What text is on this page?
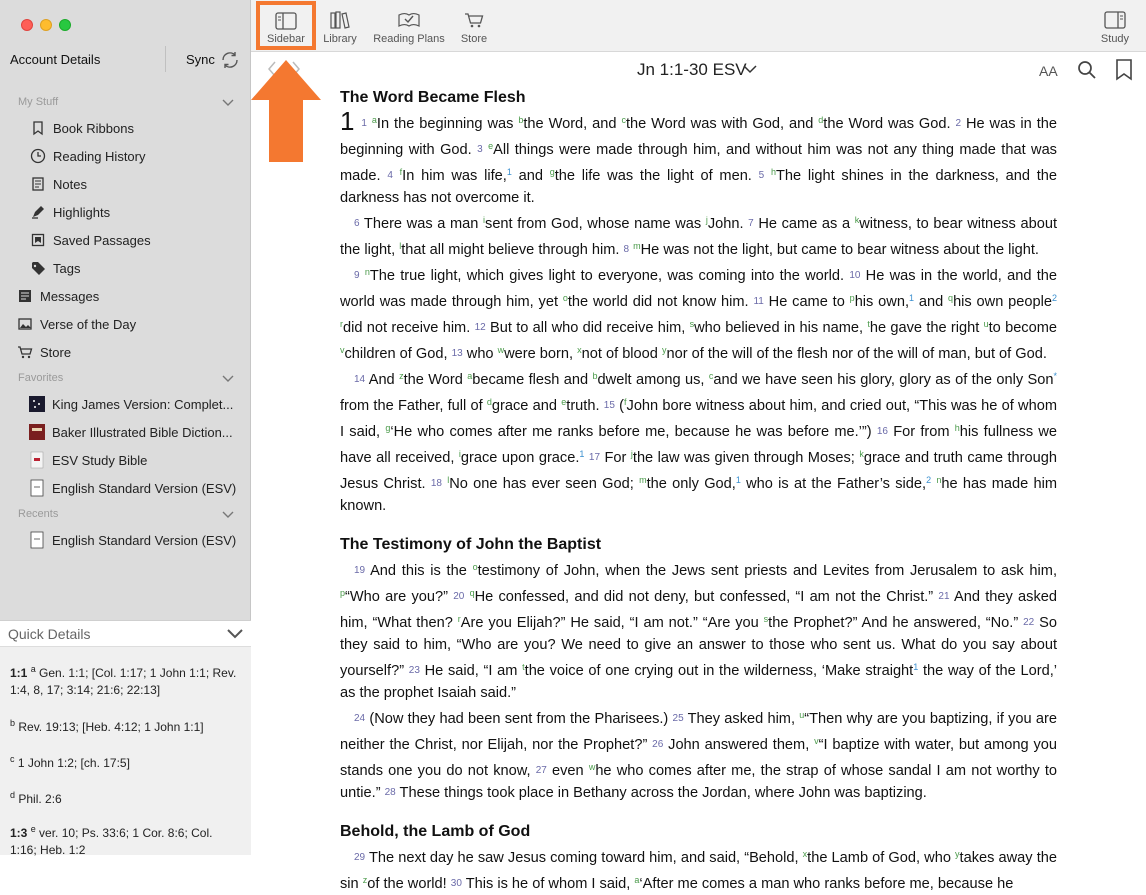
Account Details	Sync
My Stuff
Book Ribbons
Reading History
Notes
Highlights
Saved Passages
Tags
Messages
Verse of the Day
Store
Favorites
King James Version: Complet...
Baker Illustrated Bible Diction...
ESV Study Bible
English Standard Version (ESV)
Recents
English Standard Version (ESV)
Quick Details
1:1 $^a$ Gen. 1:1; [Col. 1:17; 1 John 1:1; Rev. 1:4, 8, 17; 3:14; 21:6; 22:13]
$^b$ Rev. 19:13; [Heb. 4:12; 1 John 1:1]
$^c$ 1 John 1:2; [ch. 17:5]
$^d$ Phil. 2:6
1:3 $^e$ ver. 10; Ps. 33:6; 1 Cor. 8:6; Col. 1:16; Heb. 1:2
Sidebar Library Reading Plans Store	Study
Jn 1:1-30 ESV	AA
The Word Became Flesh

1 1 $^a$In the beginning was $^b$the Word, and $^c$the Word was with God, and $^d$the Word was God. 2 He was in the beginning with God. 3 $^e$All things were made through him, and without him was not any thing made that was made. 4 $^f$In him was life,$^1$ and $^g$the life was the light of men. 5 $^h$The light shines in the darkness, and the darkness has not overcome it.

6 There was a man $^i$sent from God, whose name was $^j$John. 7 He came as a $^k$witness, to bear witness about the light, $^l$that all might believe through him. 8 $^m$He was not the light, but came to bear witness about the light.

9 $^n$The true light, which gives light to everyone, was coming into the world. 10 He was in the world, and the world was made through him, yet $^o$the world did not know him. 11 He came to $^p$his own,$^1$ and $^q$his own people$^2$ $^r$did not receive him. 12 But to all who did receive him, $^s$who believed in his name, $^t$he gave the right $^u$to become $^v$children of God, 13 who $^w$were born, $^x$not of blood $^y$nor of the will of the flesh nor of the will of man, but of God.

14 And $^z$the Word $^a$became flesh and $^b$dwelt among us, $^c$and we have seen his glory, glory as of the only Son* from the Father, full of $^d$grace and $^e$truth. 15 ($^f$John bore witness about him, and cried out, “This was he of whom I said, $^g$‘He who comes after me ranks before me, because he was before me.’”) 16 For from $^h$his fullness we have all received, $^i$grace upon grace.$^1$ 17 For $^j$the law was given through Moses; $^k$grace and truth came through Jesus Christ. 18 $^l$No one has ever seen God; $^m$the only God,$^1$ who is at the Father’s side,$^2$ $^n$he has made him known.

The Testimony of John the Baptist

19 And this is the $^o$testimony of John, when the Jews sent priests and Levites from Jerusalem to ask him, $^p$“Who are you?” 20 $^q$He confessed, and did not deny, but confessed, “I am not the Christ.” 21 And they asked him, “What then? $^r$Are you Elijah?” He said, “I am not.” “Are you $^s$the Prophet?” And he answered, “No.” 22 So they said to him, “Who are you? We need to give an answer to those who sent us. What do you say about yourself?” 23 He said, “I am $^t$the voice of one crying out in the wilderness, ‘Make straight$^1$ the way of the Lord,’ as the prophet Isaiah said.”

24 (Now they had been sent from the Pharisees.) 25 They asked him, $^u$“Then why are you baptizing, if you are neither the Christ, nor Elijah, nor the Prophet?” 26 John answered them, $^v$“I baptize with water, but among you stands one you do not know, 27 even $^w$he who comes after me, the strap of whose sandal I am not worthy to untie.” 28 These things took place in Bethany across the Jordan, where John was baptizing.

Behold, the Lamb of God

29 The next day he saw Jesus coming toward him, and said, “Behold, $^x$the Lamb of God, who $^y$takes away the sin $^z$of the world! 30 This is he of whom I said, $^a$‘After me comes a man who ranks before me, because he
